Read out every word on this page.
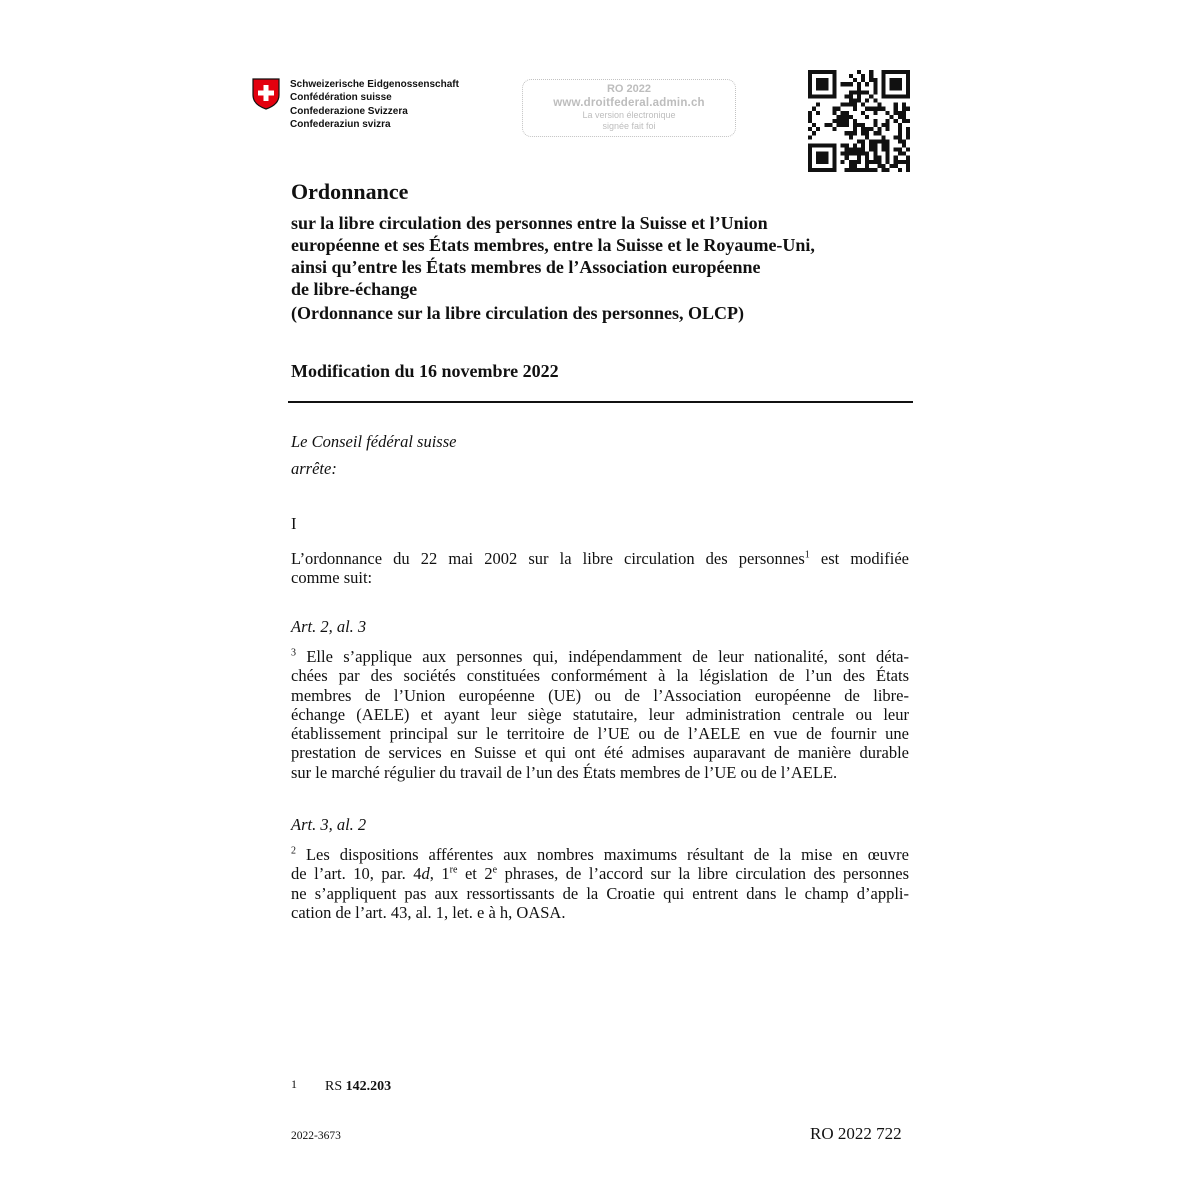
Schweizerische Eidgenossenschaft
Confédération suisse
Confederazione Svizzera
Confederaziun svizra
RO 2022
www.droitfederal.admin.ch
La version électronique
signée fait foi
Ordonnance
sur la libre circulation des personnes entre la Suisse et l’Union
européenne et ses États membres, entre la Suisse et le Royaume-Uni,
ainsi qu’entre les États membres de l’Association européenne
de libre-échange
(Ordonnance sur la libre circulation des personnes, OLCP)
Modification du 16 novembre 2022
Le Conseil fédéral suisse
arrête:
I
L’ordonnance du 22 mai 2002 sur la libre circulation des personnes$^1$ est modifiée
comme suit:
Art. 2, al. 3
$^3$ Elle s’applique aux personnes qui, indépendamment de leur nationalité, sont déta-
chées par des sociétés constituées conformément à la législation de l’un des États
membres de l’Union européenne (UE) ou de l’Association européenne de libre-
échange (AELE) et ayant leur siège statutaire, leur administration centrale ou leur
établissement principal sur le territoire de l’UE ou de l’AELE en vue de fournir une
prestation de services en Suisse et qui ont été admises auparavant de manière durable
sur le marché régulier du travail de l’un des États membres de l’UE ou de l’AELE.
Art. 3, al. 2
$^2$ Les dispositions afférentes aux nombres maximums résultant de la mise en œuvre
de l’art. 10, par. 4d, 1re et 2e phrases, de l’accord sur la libre circulation des personnes
ne s’appliquent pas aux ressortissants de la Croatie qui entrent dans le champ d’appli-
cation de l’art. 43, al. 1, let. e à h, OASA.
1 RS 142.203
2022-3673	RO 2022 722
